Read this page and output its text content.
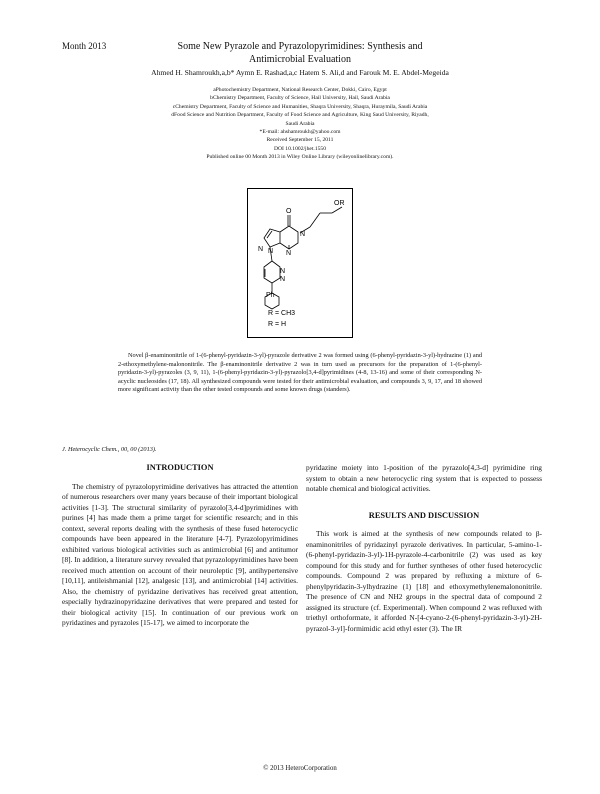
Month 2013	Some New Pyrazole and Pyrazolopyrimidines: Synthesis and
Antimicrobial Evaluation
Ahmed H. Shamroukh,a,b* Aymn E. Rashad,a,c Hatem S. Ali,d and Farouk M. E. Abdel-Megeida
aPhotochemistry Department, National Research Center, Dokki, Cairo, Egypt
bChemistry Department, Faculty of Science, Hail University, Hail, Saudi Arabia
cChemistry Department, Faculty of Science and Humanities, Shaqra University, Shaqra, Huraymila, Saudi Arabia
dFood Science and Nutrition Department, Faculty of Food Science and Agriculture, King Saud University, Riyadh,
Saudi Arabia
*E-mail: ahshamroukh@yahoo.com
Received September 15, 2011
DOI 10.1002/jhet.1550
Published online 00 Month 2013 in Wiley Online Library (wileyonlinelibrary.com).
OR
O
N
N
N N
N
N
Ph
R = CH3
R = H
Novel β-enaminonitrile of 1-(6-phenyl-pyridazin-3-yl)-pyrazole derivative 2 was formed using (6-phenyl-pyridazin-3-yl)-hydrazine (1) and 2-ethoxymethylene-malononitrile. The β-enaminonitrile derivative 2 was in turn used as precursors for the preparation of 1-(6-phenyl-pyridazin-3-yl)-pyrazoles (3, 9, 11), 1-(6-phenyl-pyridazin-3-yl)-pyrazolo[3,4-d]pyrimidines (4-8, 13-16) and some of their corresponding N-acyclic nucleosides (17, 18). All synthesized compounds were tested for their antimicrobial evaluation, and compounds 3, 9, 17, and 18 showed more significant activity than the other tested compounds and some known drugs (standers).
J. Heterocyclic Chem., 00, 00 (2013).
INTRODUCTION

The chemistry of pyrazolopyrimidine derivatives has attracted the attention of numerous researchers over many years because of their important biological activities [1-3]. The structural similarity of pyrazolo[3,4-d]pyrimidines with purines [4] has made them a prime target for scientific research; and in this context, several reports dealing with the synthesis of these fused heterocyclic compounds have been appeared in the literature [4-7]. Pyrazolopyrimidines exhibited various biological activities such as antimicrobial [6] and antitumor [8]. In addition, a literature survey revealed that pyrazolopyrimidines have been received much attention on account of their neuroleptic [9], antihypertensive [10,11], antileishmanial [12], analgesic [13], and antimicrobial [14] activities. Also, the chemistry of pyridazine derivatives has received great attention, especially hydrazinopyridazine derivatives that were prepared and tested for their biological activity [15]. In continuation of our previous work on pyridazines and pyrazoles [15-17], we aimed to incorporate the

pyridazine moiety into 1-position of the pyrazolo[4,3-d] pyrimidine ring system to obtain a new heterocyclic ring system that is expected to possess notable chemical and biological activities.

RESULTS AND DISCUSSION

This work is aimed at the synthesis of new compounds related to β-enaminonitriles of pyridazinyl pyrazole derivatives. In particular, 5-amino-1-(6-phenyl-pyridazin-3-yl)-1H-pyrazole-4-carbonitrile (2) was used as key compound for this study and for further syntheses of other fused heterocyclic compounds. Compound 2 was prepared by refluxing a mixture of 6-phenylpyridazin-3-ylhydrazine (1) [18] and ethoxymethylenemalononitrile. The presence of CN and NH2 groups in the spectral data of compound 2 assigned its structure (cf. Experimental). When compound 2 was refluxed with triethyl orthoformate, it afforded N-[4-cyano-2-(6-phenyl-pyridazin-3-yl)-2H-pyrazol-3-yl]-formimidic acid ethyl ester (3). The IR

© 2013 HeteroCorporation
